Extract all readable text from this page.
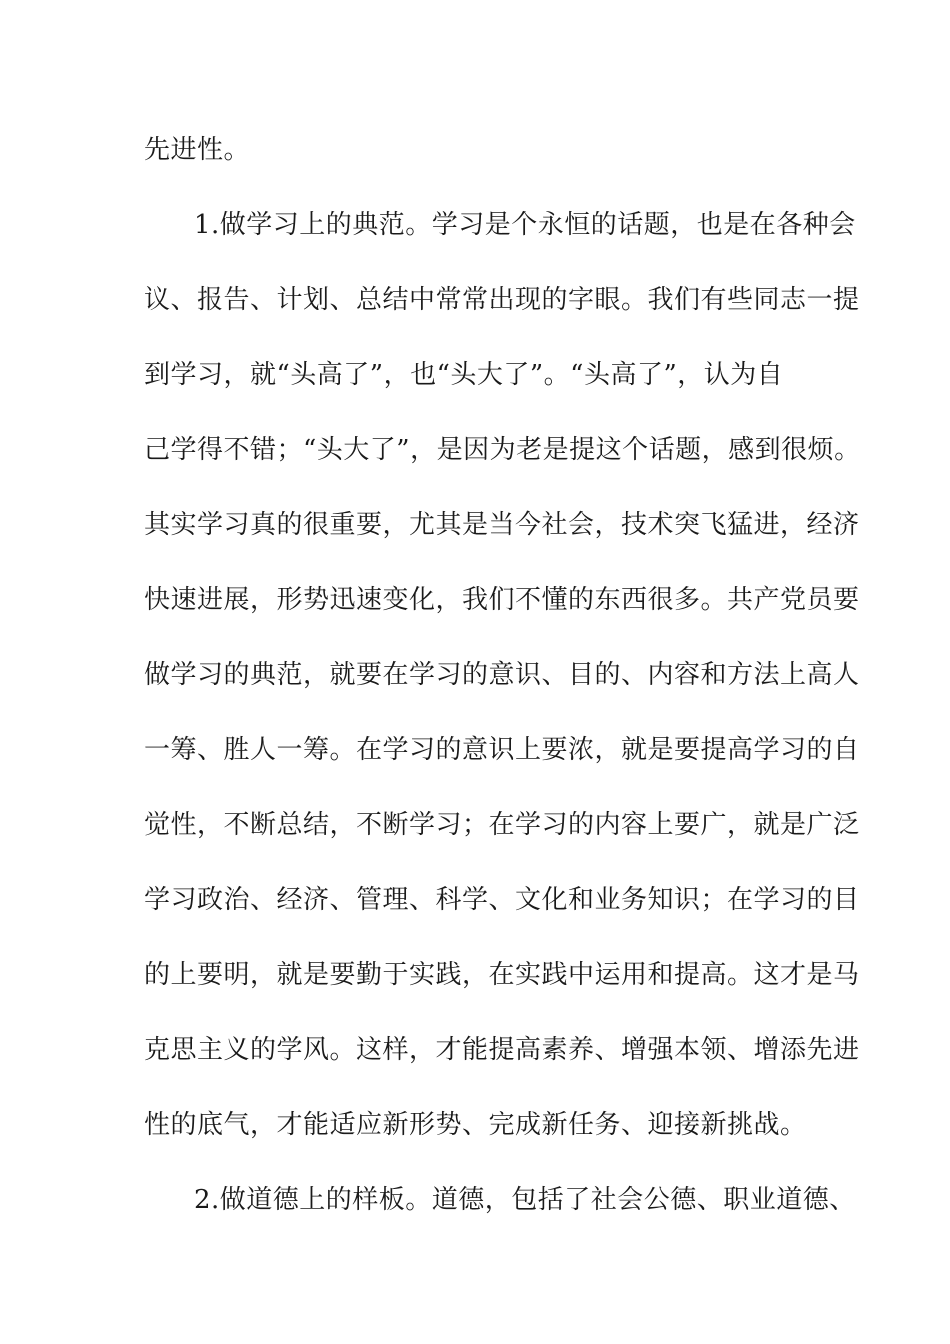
先进性。

1.做学习上的典范。学习是个永恒的话题，也是在各种会

议、报告、计划、总结中常常出现的字眼。我们有些同志一提

到学习，就“头高了”，也“头大了”。“头高了”，认为自

己学得不错；“头大了”，是因为老是提这个话题，感到很烦。

其实学习真的很重要，尤其是当今社会，技术突飞猛进，经济

快速进展，形势迅速变化，我们不懂的东西很多。共产党员要

做学习的典范，就要在学习的意识、目的、内容和方法上高人

一筹、胜人一筹。在学习的意识上要浓，就是要提高学习的自

觉性，不断总结，不断学习；在学习的内容上要广，就是广泛

学习政治、经济、管理、科学、文化和业务知识；在学习的目

的上要明，就是要勤于实践，在实践中运用和提高。这才是马

克思主义的学风。这样，才能提高素养、增强本领、增添先进

性的底气，才能适应新形势、完成新任务、迎接新挑战。

2.做道德上的样板。道德，包括了社会公德、职业道德、
